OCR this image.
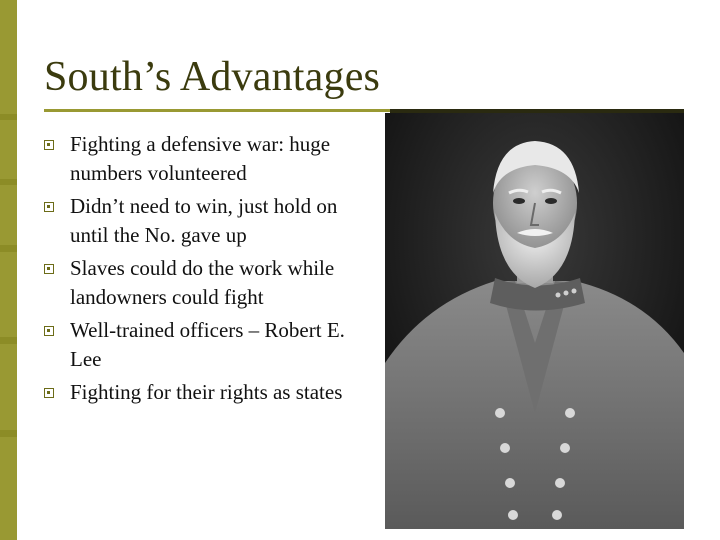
South’s Advantages
Fighting a defensive war: huge numbers volunteered
Didn’t need to win, just hold on until the No. gave up
Slaves could do the work while landowners could fight
Well-trained officers – Robert E. Lee
Fighting for their rights as states
